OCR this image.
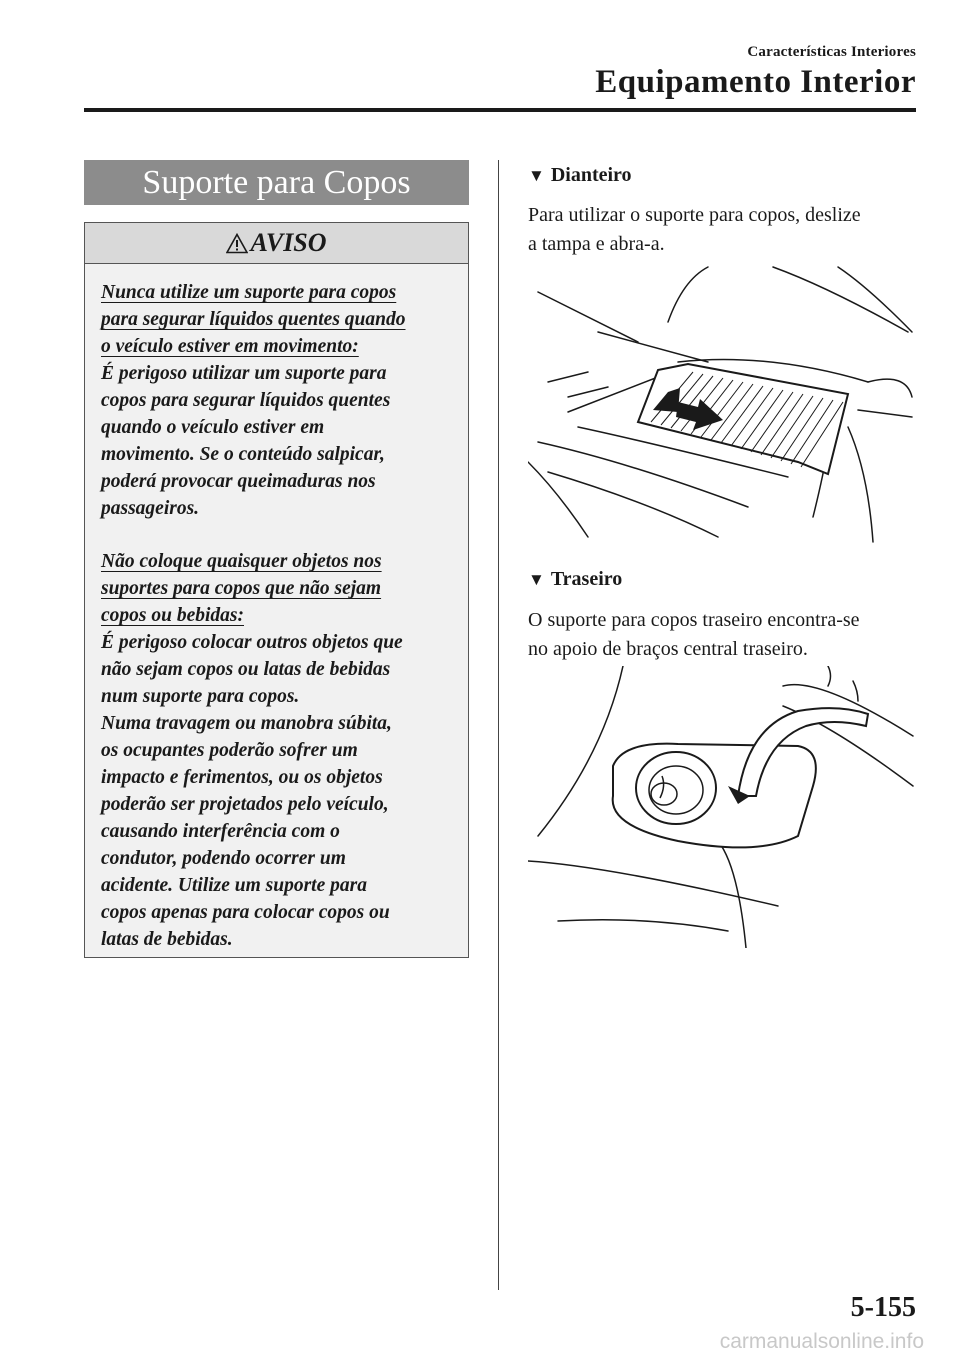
Características Interiores
Equipamento Interior
Suporte para Copos
AVISO
Nunca utilize um suporte para copos
para segurar líquidos quentes quando
o veículo estiver em movimento:
É perigoso utilizar um suporte para
copos para segurar líquidos quentes
quando o veículo estiver em
movimento. Se o conteúdo salpicar,
poderá provocar queimaduras nos
passageiros.
Não coloque quaisquer objetos nos
suportes para copos que não sejam
copos ou bebidas:
É perigoso colocar outros objetos que
não sejam copos ou latas de bebidas
num suporte para copos.
Numa travagem ou manobra súbita,
os ocupantes poderão sofrer um
impacto e ferimentos, ou os objetos
poderão ser projetados pelo veículo,
causando interferência com o
condutor, podendo ocorrer um
acidente. Utilize um suporte para
copos apenas para colocar copos ou
latas de bebidas.
▼ Dianteiro
Para utilizar o suporte para copos, deslize
a tampa e abra-a.
▼ Traseiro
O suporte para copos traseiro encontra-se
no apoio de braços central traseiro.
5-155
carmanualsonline.info
